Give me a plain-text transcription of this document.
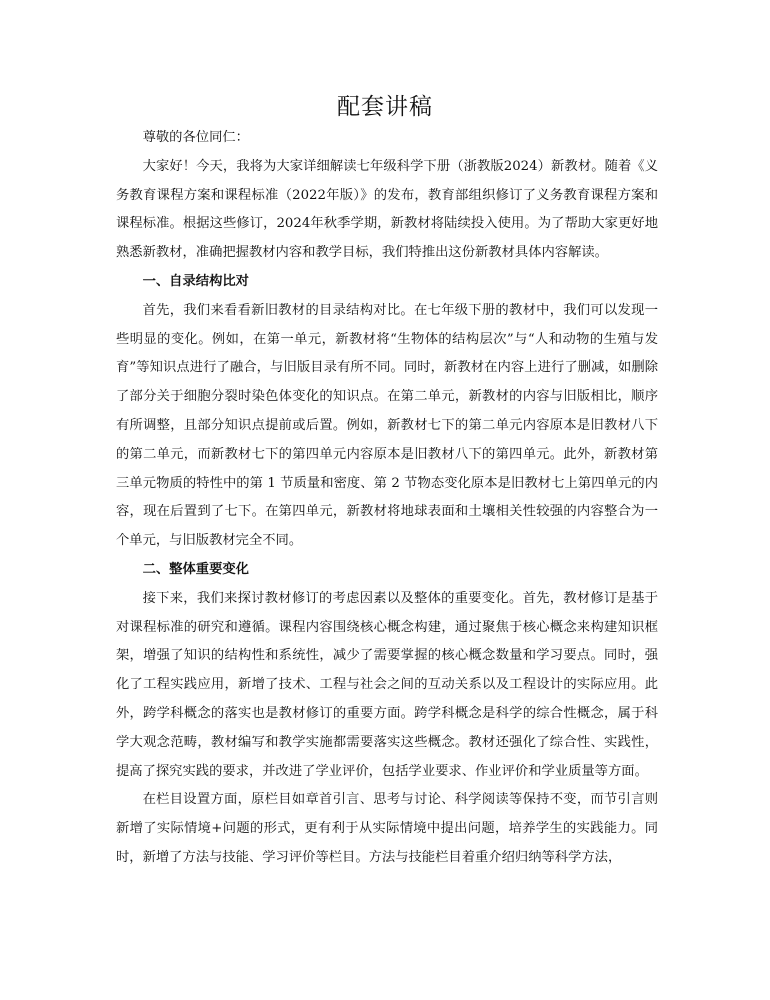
配套讲稿

尊敬的各位同仁：

大家好！今天，我将为大家详细解读七年级科学下册（浙教版2024）新教材。随着《义务教育课程方案和课程标准（2022年版）》的发布，教育部组织修订了义务教育课程方案和课程标准。根据这些修订，2024年秋季学期，新教材将陆续投入使用。为了帮助大家更好地熟悉新教材，准确把握教材内容和教学目标，我们特推出这份新教材具体内容解读。

一、自录结构比对

首先，我们来看看新旧教材的目录结构对比。在七年级下册的教材中，我们可以发现一些明显的变化。例如，在第一单元，新教材将“生物体的结构层次”与“人和动物的生殖与发育”等知识点进行了融合，与旧版目录有所不同。同时，新教材在内容上进行了删减，如删除了部分关于细胞分裂时染色体变化的知识点。在第二单元，新教材的内容与旧版相比，顺序有所调整，且部分知识点提前或后置。例如，新教材七下的第二单元内容原本是旧教材八下的第二单元，而新教材七下的第四单元内容原本是旧教材八下的第四单元。此外，新教材第三单元物质的特性中的第 1 节质量和密度、第 2 节物态变化原本是旧教材七上第四单元的内容，现在后置到了七下。在第四单元，新教材将地球表面和土壤相关性较强的内容整合为一个单元，与旧版教材完全不同。

二、整体重要变化

接下来，我们来探讨教材修订的考虑因素以及整体的重要变化。首先，教材修订是基于对课程标准的研究和遵循。课程内容围绕核心概念构建，通过聚焦于核心概念来构建知识框架，增强了知识的结构性和系统性，减少了需要掌握的核心概念数量和学习要点。同时，强化了工程实践应用，新增了技术、工程与社会之间的互动关系以及工程设计的实际应用。此外，跨学科概念的落实也是教材修订的重要方面。跨学科概念是科学的综合性概念，属于科学大观念范畴，教材编写和教学实施都需要落实这些概念。教材还强化了综合性、实践性，提高了探究实践的要求，并改进了学业评价，包括学业要求、作业评价和学业质量等方面。

在栏目设置方面，原栏目如章首引言、思考与讨论、科学阅读等保持不变，而节引言则新增了实际情境+问题的形式，更有利于从实际情境中提出问题，培养学生的实践能力。同时，新增了方法与技能、学习评价等栏目。方法与技能栏目着重介绍归纳等科学方法，
